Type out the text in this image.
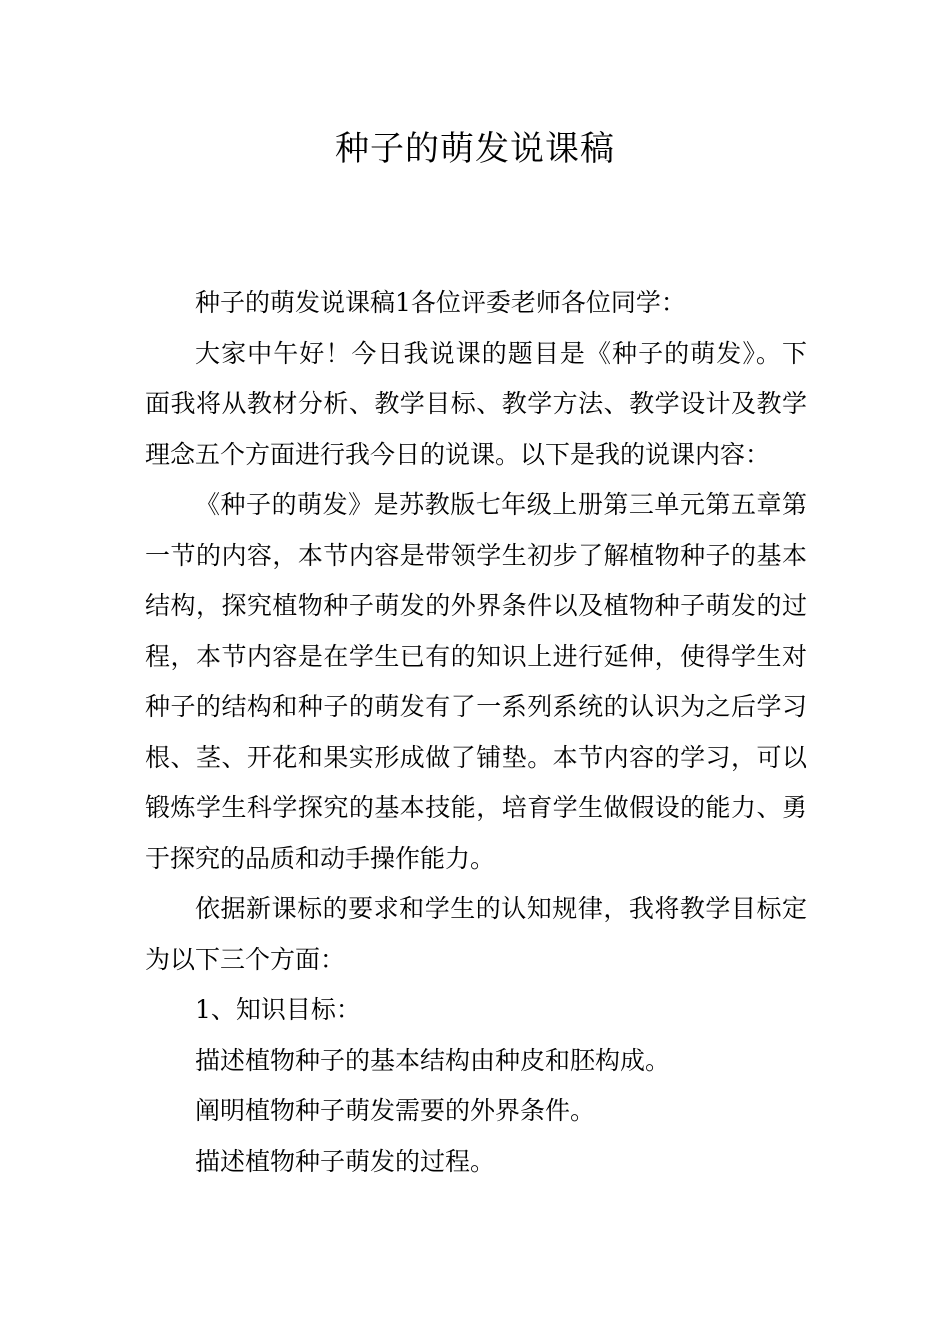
种子的萌发说课稿

种子的萌发说课稿1各位评委老师各位同学：

大家中午好！今日我说课的题目是《种子的萌发》。下面我将从教材分析、教学目标、教学方法、教学设计及教学理念五个方面进行我今日的说课。以下是我的说课内容：

《种子的萌发》是苏教版七年级上册第三单元第五章第一节的内容，本节内容是带领学生初步了解植物种子的基本结构，探究植物种子萌发的外界条件以及植物种子萌发的过程，本节内容是在学生已有的知识上进行延伸，使得学生对种子的结构和种子的萌发有了一系列系统的认识为之后学习根、茎、开花和果实形成做了铺垫。本节内容的学习，可以锻炼学生科学探究的基本技能，培育学生做假设的能力、勇于探究的品质和动手操作能力。

依据新课标的要求和学生的认知规律，我将教学目标定为以下三个方面：

1、知识目标：

描述植物种子的基本结构由种皮和胚构成。

阐明植物种子萌发需要的外界条件。

描述植物种子萌发的过程。
